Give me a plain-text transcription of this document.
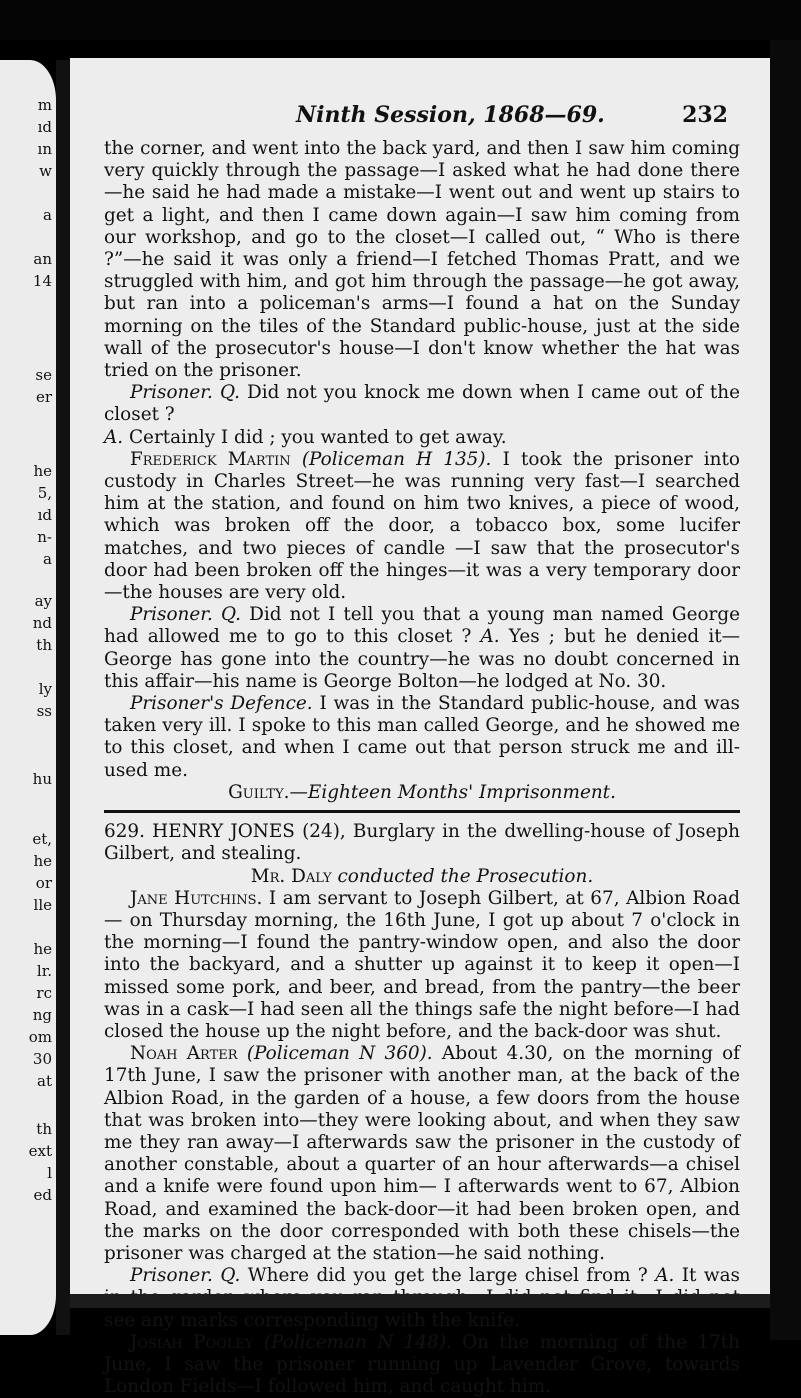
m
ıd
ın
w
a
an
14
se
er
he
5,
ıd
n-
a
ay
nd
th
ly
ss
hu
et,
he
or
lle
he
lr.
rc
ng
om
30
at
th
ext
l
ed
Ninth Session, 1868—69.	232

the corner, and went into the back yard, and then I saw him coming very quickly through the passage—I asked what he had done there—he said he had made a mistake—I went out and went up stairs to get a light, and then I came down again—I saw him coming from our workshop, and go to the closet—I called out, “ Who is there ?”—he said it was only a friend—I fetched Thomas Pratt, and we struggled with him, and got him through the passage—he got away, but ran into a policeman's arms—I found a hat on the Sunday morning on the tiles of the Standard public-house, just at the side wall of the prosecutor's house—I don't know whether the hat was tried on the prisoner.

Prisoner. Q. Did not you knock me down when I came out of the closet ?

A. Certainly I did ; you wanted to get away.

Frederick Martin (Policeman H 135). I took the prisoner into custody in Charles Street—he was running very fast—I searched him at the station, and found on him two knives, a piece of wood, which was broken off the door, a tobacco box, some lucifer matches, and two pieces of candle —I saw that the prosecutor's door had been broken off the hinges—it was a very temporary door—the houses are very old.

Prisoner. Q. Did not I tell you that a young man named George had allowed me to go to this closet ? A. Yes ; but he denied it—George has gone into the country—he was no doubt concerned in this affair—his name is George Bolton—he lodged at No. 30.

Prisoner's Defence. I was in the Standard public-house, and was taken very ill. I spoke to this man called George, and he showed me to this closet, and when I came out that person struck me and ill-used me.

Guilty.—Eighteen Months' Imprisonment.

629. HENRY JONES (24), Burglary in the dwelling-house of Joseph Gilbert, and stealing.

Mr. Daly conducted the Prosecution.

Jane Hutchins. I am servant to Joseph Gilbert, at 67, Albion Road— on Thursday morning, the 16th June, I got up about 7 o'clock in the morning—I found the pantry-window open, and also the door into the backyard, and a shutter up against it to keep it open—I missed some pork, and beer, and bread, from the pantry—the beer was in a cask—I had seen all the things safe the night before—I had closed the house up the night before, and the back-door was shut.

Noah Arter (Policeman N 360). About 4.30, on the morning of 17th June, I saw the prisoner with another man, at the back of the Albion Road, in the garden of a house, a few doors from the house that was broken into—they were looking about, and when they saw me they ran away—I afterwards saw the prisoner in the custody of another constable, about a quarter of an hour afterwards—a chisel and a knife were found upon him— I afterwards went to 67, Albion Road, and examined the back-door—it had been broken open, and the marks on the door corresponded with both these chisels—the prisoner was charged at the station—he said nothing.

Prisoner. Q. Where did you get the large chisel from ? A. It was see any marks corresponding with the knife.

Josiah Pooley (Policeman N 148). On the morning of the 17th June, I saw the prisoner running up Lavender Grove, towards London Fields—I followed him, and caught him.
